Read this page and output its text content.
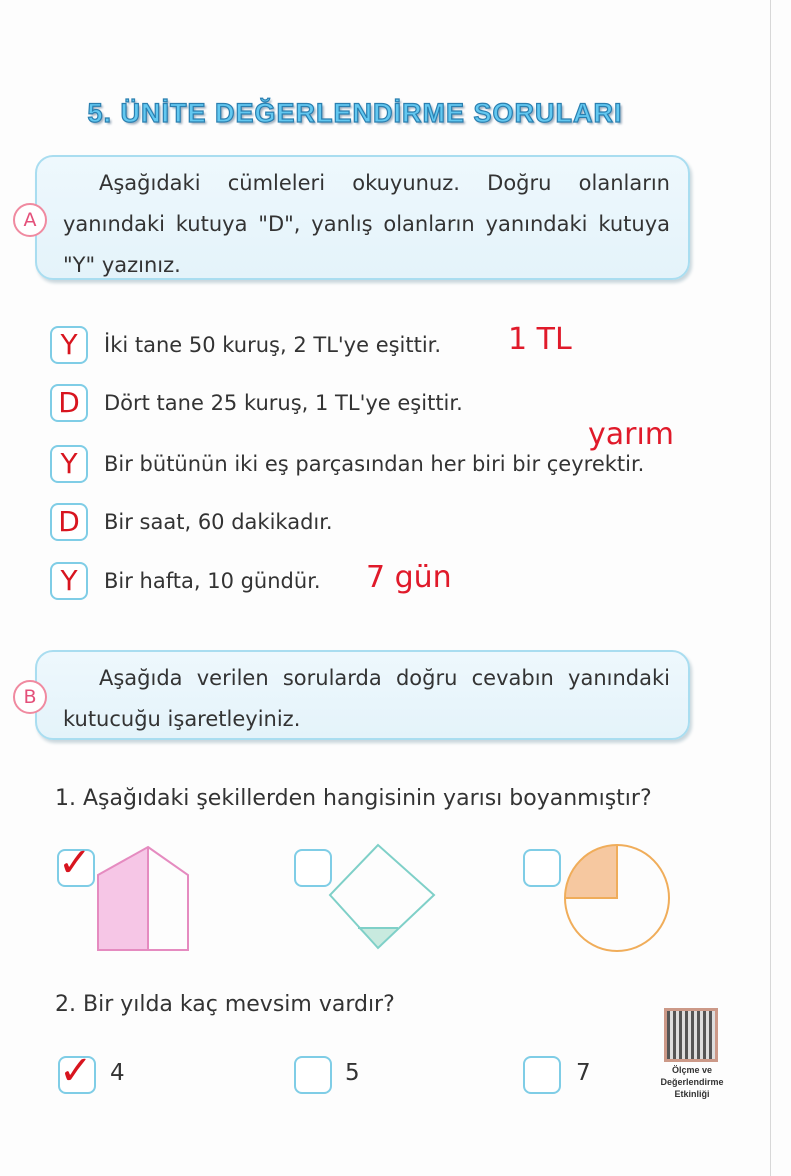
5. ÜNİTE DEĞERLENDİRME SORULARI

Aşağıdaki cümleleri okuyunuz. Doğru olanların yanındaki kutuya "D", yanlış olanların yanındaki kutuya "Y" yazınız.

A
Y	İki tane 50 kuruş, 2 TL'ye eşittir.
D	Dört tane 25 kuruş, 1 TL'ye eşittir.
Y	Bir bütünün iki eş parçasından her biri bir çeyrektir.
D	Bir saat, 60 dakikadır.
Y	Bir hafta, 10 gündür.
1 TL
yarım
7 gün

Aşağıda verilen sorularda doğru cevabın yanındaki kutucuğu işaretleyiniz.

B
1. Aşağıdaki şekillerden hangisinin yarısı boyanmıştır?
✓
2. Bir yılda kaç mevsim vardır?
✓ 4	5	7	Ölçme ve Değerlendirme Etkinliği
